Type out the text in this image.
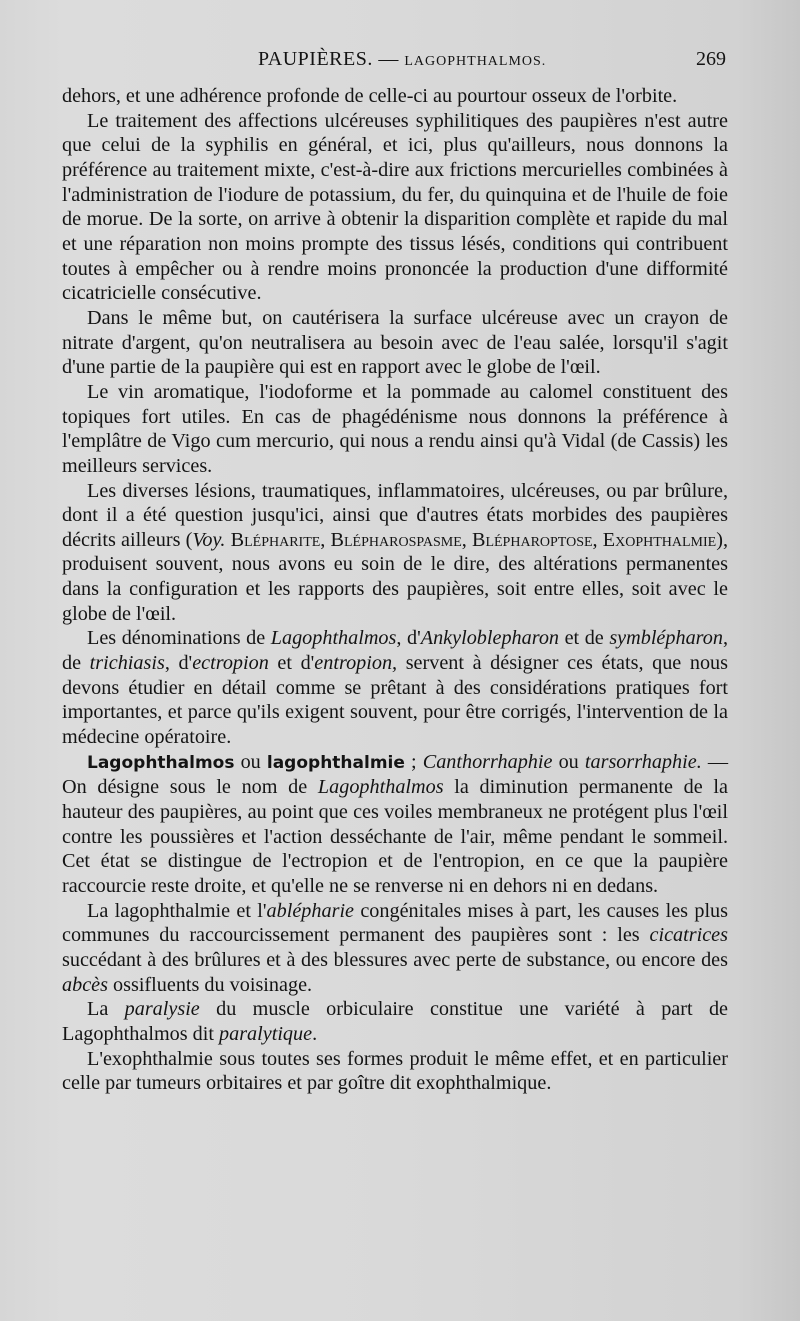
PAUPIÈRES. — LAGOPHTHALMOS.	269

dehors, et une adhérence profonde de celle-ci au pourtour osseux de l'orbite.

Le traitement des affections ulcéreuses syphilitiques des paupières n'est autre que celui de la syphilis en général, et ici, plus qu'ailleurs, nous donnons la préférence au traitement mixte, c'est-à-dire aux frictions mercurielles combinées à l'administration de l'iodure de potassium, du fer, du quinquina et de l'huile de foie de morue. De la sorte, on arrive à obtenir la disparition complète et rapide du mal et une réparation non moins prompte des tissus lésés, conditions qui contribuent toutes à empêcher ou à rendre moins prononcée la production d'une difformité cicatricielle consécutive.

Dans le même but, on cautérisera la surface ulcéreuse avec un crayon de nitrate d'argent, qu'on neutralisera au besoin avec de l'eau salée, lorsqu'il s'agit d'une partie de la paupière qui est en rapport avec le globe de l'œil.

Le vin aromatique, l'iodoforme et la pommade au calomel constituent des topiques fort utiles. En cas de phagédénisme nous donnons la préférence à l'emplâtre de Vigo cum mercurio, qui nous a rendu ainsi qu'à Vidal (de Cassis) les meilleurs services.

Les diverses lésions, traumatiques, inflammatoires, ulcéreuses, ou par brûlure, dont il a été question jusqu'ici, ainsi que d'autres états morbides des paupières décrits ailleurs (Voy. Blépharite, Blépharospasme, Blépharoptose, Exophthalmie), produisent souvent, nous avons eu soin de le dire, des altérations permanentes dans la configuration et les rapports des paupières, soit entre elles, soit avec le globe de l'œil.

Les dénominations de Lagophthalmos, d'Ankyloblepharon et de symblépharon, de trichiasis, d'ectropion et d'entropion, servent à désigner ces états, que nous devons étudier en détail comme se prêtant à des considérations pratiques fort importantes, et parce qu'ils exigent souvent, pour être corrigés, l'intervention de la médecine opératoire.

Lagophthalmos ou lagophthalmie ; Canthorrhaphie ou tarsorrhaphie. — On désigne sous le nom de Lagophthalmos la diminution permanente de la hauteur des paupières, au point que ces voiles membraneux ne protégent plus l'œil contre les poussières et l'action desséchante de l'air, même pendant le sommeil. Cet état se distingue de l'ectropion et de l'entropion, en ce que la paupière raccourcie reste droite, et qu'elle ne se renverse ni en dehors ni en dedans.

La lagophthalmie et l'ablépharie congénitales mises à part, les causes les plus communes du raccourcissement permanent des paupières sont : les cicatrices succédant à des brûlures et à des blessures avec perte de substance, ou encore des abcès ossifluents du voisinage.

La paralysie du muscle orbiculaire constitue une variété à part de Lagophthalmos dit paralytique.

L'exophthalmie sous toutes ses formes produit le même effet, et en particulier celle par tumeurs orbitaires et par goître dit exophthalmique.
